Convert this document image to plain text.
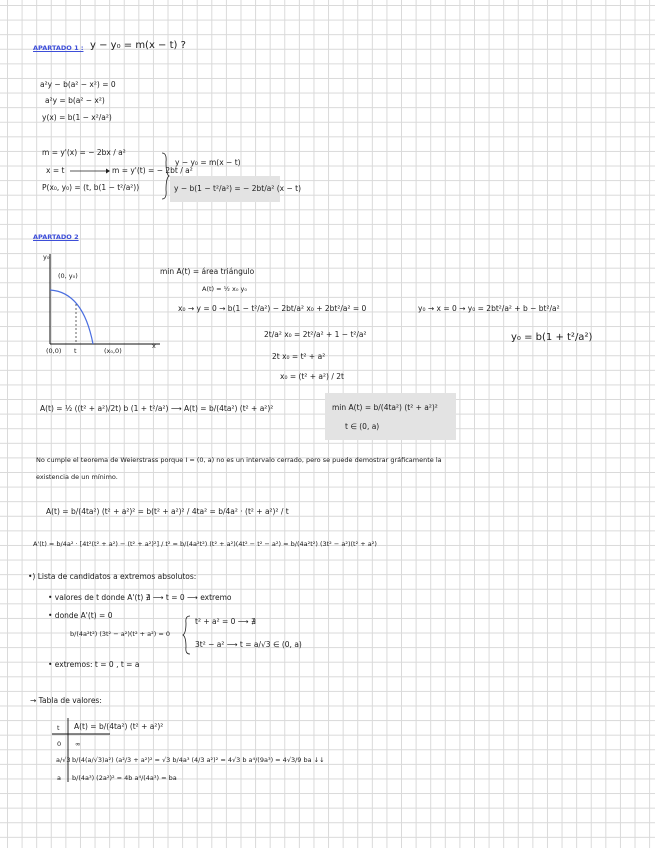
APARTADO 1 : y − y₀ = m(x − t) ?
a²y − b(a² − x²) = 0
a²y = b(a² − x²)
y(x) = b(1 − x²/a²)
m = y'(x) = − 2bx / a²
x = t	m = y'(t) = − 2bt / a²
P(x₀, y₀) = (t, b(1 − t²/a²))
y − y₀ = m(x − t)
y − b(1 − t²/a²) = − 2bt/a² (x − t)
APARTADO 2
y₀
(0, y₀)
(0,0) t	(x₀,0)
x
min A(t) = área triángulo
A(t) = ½ x₀ y₀
x₀ → y = 0 → b(1 − t²/a²) − 2bt/a² x₀ + 2bt²/a² = 0
2t/a² x₀ = 2t²/a² + 1 − t²/a²
2t x₀ = t² + a²
x₀ = (t² + a²) / 2t
y₀ → x = 0 → y₀ = 2bt²/a² + b − bt²/a²
y₀ = b(1 + t²/a²)
A(t) = ½ ((t² + a²)/2t) b (1 + t²/a²) ⟶ A(t) = b/(4ta²) (t² + a²)²	min A(t) = b/(4ta²) (t² + a²)²
t ∈ (0, a)
No cumple el teorema de Weierstrass porque I = (0, a) no es un intervalo cerrado, pero se puede demostrar gráficamente la
existencia de un mínimo.
A(t) = b/(4ta²) (t² + a²)² = b(t² + a²)² / 4ta² = b/4a² · (t² + a²)² / t
A'(t) = b/4a² · [4t²(t² + a²) − (t² + a²)²] / t² = b/(4a²t²) (t² + a²)(4t² − t² − a²) = b/(4a²t²) (3t² − a²)(t² + a²)
•) Lista de candidatos a extremos absolutos:
• valores de t donde A'(t) ∄ ⟶ t = 0 ⟶ extremo
• donde A'(t) = 0
b/(4a²t²) (3t² − a²)(t² + a²) = 0
t² + a² = 0 ⟶ ∄
3t² − a² ⟶ t = a/√3 ∈ (0, a)
• extremos: t = 0 , t = a
→ Tabla de valores:
t A(t) = b/(4ta²) (t² + a²)²
0 ∞
a/√3 b/(4(a/√3)a²) (a²/3 + a²)² = √3 b/4a³ (4/3 a²)² = 4√3 b a⁴/(9a³) = 4√3/9 ba ↓↓
a b/(4a³) (2a²)² = 4b a⁴/(4a³) = ba
